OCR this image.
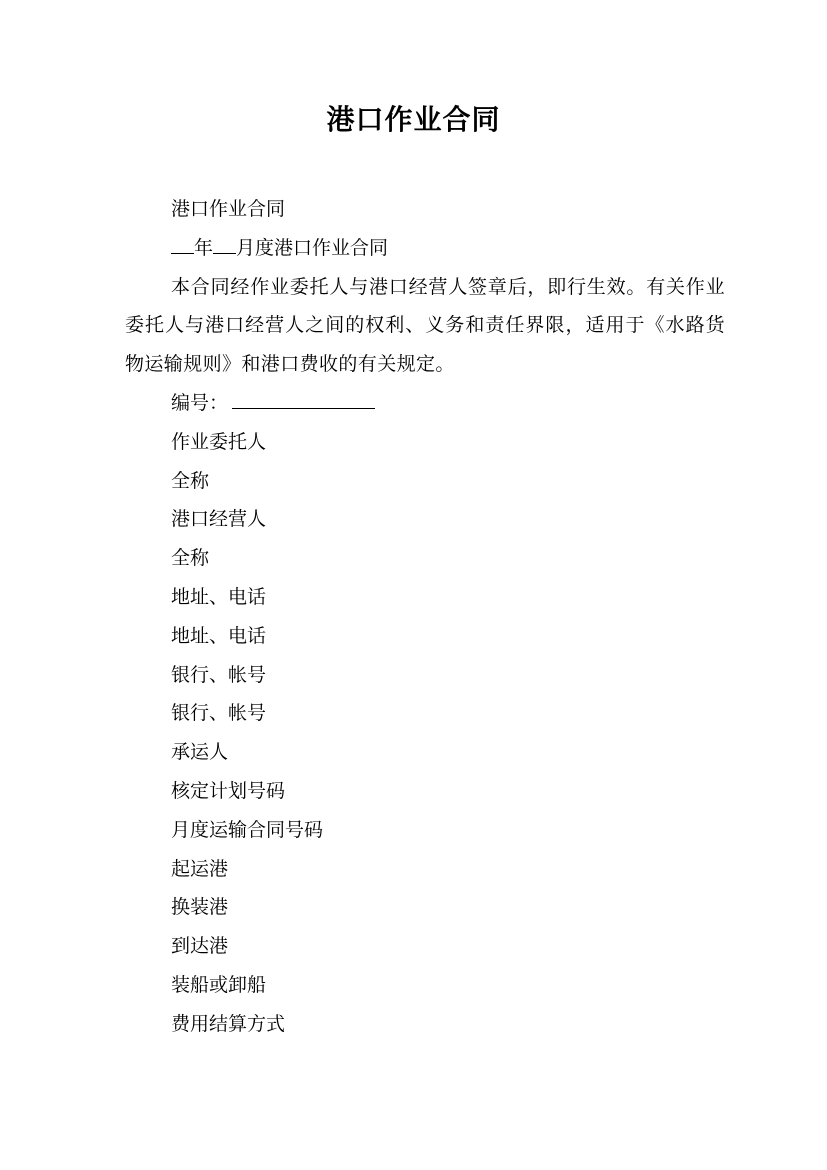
港口作业合同
港口作业合同
年 月度港口作业合同
本合同经作业委托人与港口经营人签章后，即行生效。有关作业委托人与港口经营人之间的权利、义务和责任界限，适用于《水路货物运输规则》和港口费收的有关规定。
编号：
作业委托人
全称
港口经营人
全称
地址、电话
地址、电话
银行、帐号
银行、帐号
承运人
核定计划号码
月度运输合同号码
起运港
换装港
到达港
装船或卸船
费用结算方式
